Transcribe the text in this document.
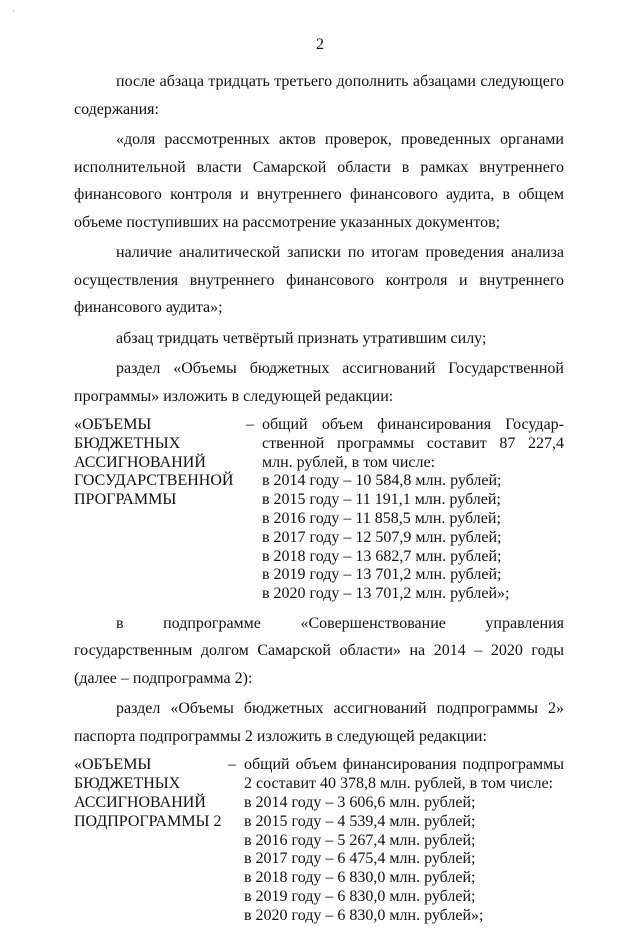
·
2

после абзаца тридцать третьего дополнить абзацами следующего содержания:

«доля рассмотренных актов проверок, проведенных органами исполнительной власти Самарской области в рамках внутреннего финансового контроля и внутреннего финансового аудита, в общем объеме поступивших на рассмотрение указанных документов;

наличие аналитической записки по итогам проведения анализа осуществления внутреннего финансового контроля и внутреннего финансового аудита»;

абзац тридцать четвёртый признать утратившим силу;

раздел «Объемы бюджетных ассигнований Государственной программы» изложить в следующей редакции:

«ОБЪЕМЫ
БЮДЖЕТНЫХ
АССИГНОВАНИЙ
ГОСУДАРСТВЕННОЙ
ПРОГРАММЫ
– общий объем финансирования Государ-ственной программы составит 87 227,4 млн. рублей, в том числе:

в 2014 году – 10 584,8 млн. рублей;

в 2015 году – 11 191,1 млн. рублей;

в 2016 году – 11 858,5 млн. рублей;

в 2017 году – 12 507,9 млн. рублей;

в 2018 году – 13 682,7 млн. рублей;

в 2019 году – 13 701,2 млн. рублей;

в 2020 году – 13 701,2 млн. рублей»;

в подпрограмме «Совершенствование управления государственным долгом Самарской области» на 2014 – 2020 годы (далее – подпрограмма 2):

раздел «Объемы бюджетных ассигнований подпрограммы 2» паспорта подпрограммы 2 изложить в следующей редакции:

«ОБЪЕМЫ
БЮДЖЕТНЫХ
АССИГНОВАНИЙ
ПОДПРОГРАММЫ 2
– общий объем финансирования подпрограммы 2 составит 40 378,8 млн. рублей, в том числе:

в 2014 году – 3 606,6 млн. рублей;

в 2015 году – 4 539,4 млн. рублей;

в 2016 году – 5 267,4 млн. рублей;

в 2017 году – 6 475,4 млн. рублей;

в 2018 году – 6 830,0 млн. рублей;

в 2019 году – 6 830,0 млн. рублей;

в 2020 году – 6 830,0 млн. рублей»;
